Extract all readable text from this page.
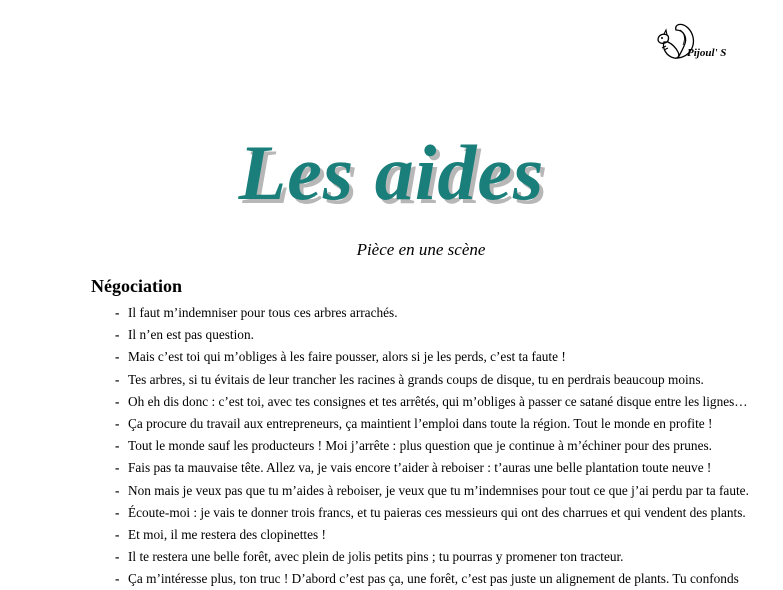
Pijoul' S
Les aides
Pièce en une scène
Négociation
- Il faut m’indemniser pour tous ces arbres arrachés.
- Il n’en est pas question.
- Mais c’est toi qui m’obliges à les faire pousser, alors si je les perds, c’est ta faute !
- Tes arbres, si tu évitais de leur trancher les racines à grands coups de disque, tu en perdrais beaucoup moins.
- Oh eh dis donc : c’est toi, avec tes consignes et tes arrêtés, qui m’obliges à passer ce satané disque entre les lignes…
- Ça procure du travail aux entrepreneurs, ça maintient l’emploi dans toute la région. Tout le monde en profite !
- Tout le monde sauf les producteurs ! Moi j’arrête : plus question que je continue à m’échiner pour des prunes.
- Fais pas ta mauvaise tête. Allez va, je vais encore t’aider à reboiser : t’auras une belle plantation toute neuve !
- Non mais je veux pas que tu m’aides à reboiser, je veux que tu m’indemnises pour tout ce que j’ai perdu par ta faute.
- Écoute-moi : je vais te donner trois francs, et tu paieras ces messieurs qui ont des charrues et qui vendent des plants.
- Et moi, il me restera des clopinettes !
- Il te restera une belle forêt, avec plein de jolis petits pins ; tu pourras y promener ton tracteur.
- Ça m’intéresse plus, ton truc ! D’abord c’est pas ça, une forêt, c’est pas juste un alignement de plants. Tu confonds
